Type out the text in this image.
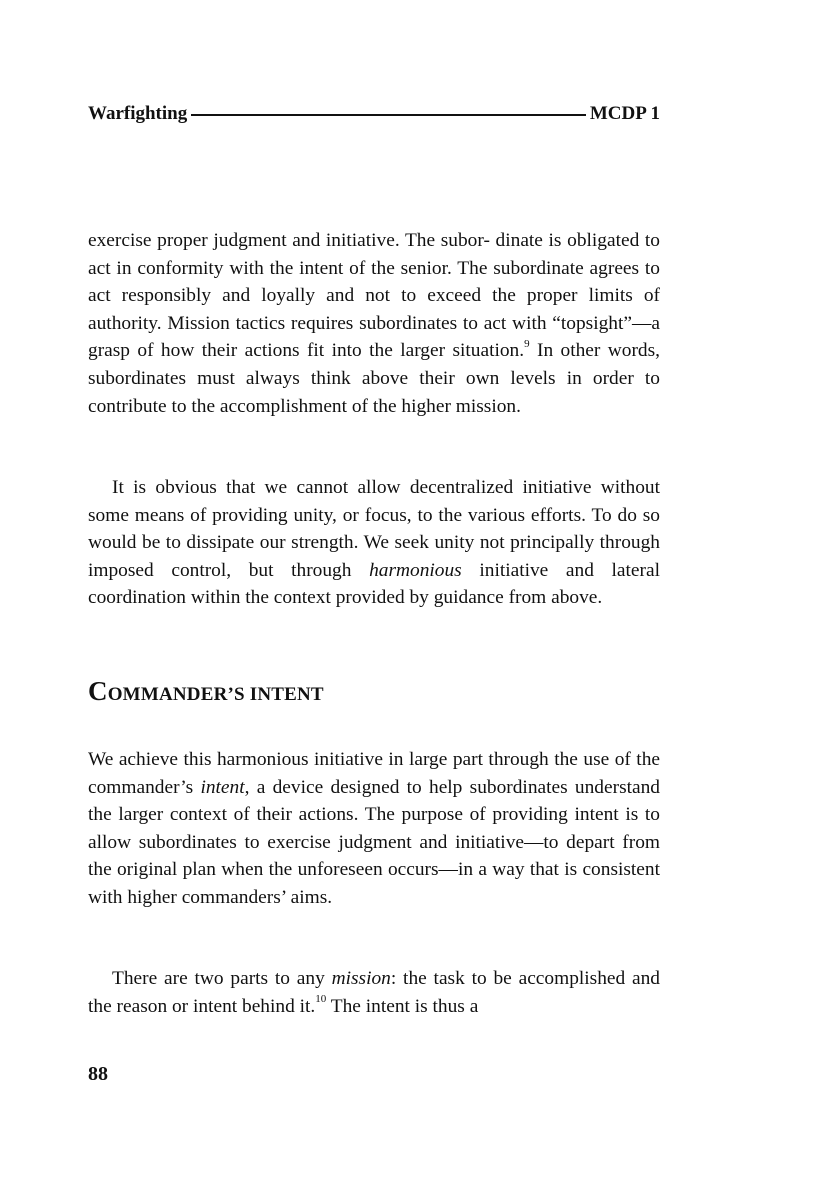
Warfighting	MCDP 1

exercise proper judgment and initiative. The subor- dinate is obligated to act in conformity with the intent of the senior. The subordinate agrees to act responsibly and loyally and not to exceed the proper limits of authority. Mission tactics requires subordinates to act with “topsight”—a grasp of how their actions fit into the larger situation.$^9$ In other words, subordinates must always think above their own levels in order to contribute to the accomplishment of the higher mission.

It is obvious that we cannot allow decentralized initiative without some means of providing unity, or focus, to the various efforts. To do so would be to dissipate our strength. We seek unity not principally through imposed control, but through harmonious initiative and lateral coordination within the context provided by guidance from above.

COMMANDER’S INTENT

We achieve this harmonious initiative in large part through the use of the commander’s intent, a device designed to help subordinates understand the larger context of their actions. The purpose of providing intent is to allow subordinates to exercise judgment and initiative—to depart from the original plan when the unforeseen occurs—in a way that is consistent with higher commanders’ aims.

There are two parts to any mission: the task to be accomplished and the reason or intent behind it.$^{10}$ The intent is thus a

88
